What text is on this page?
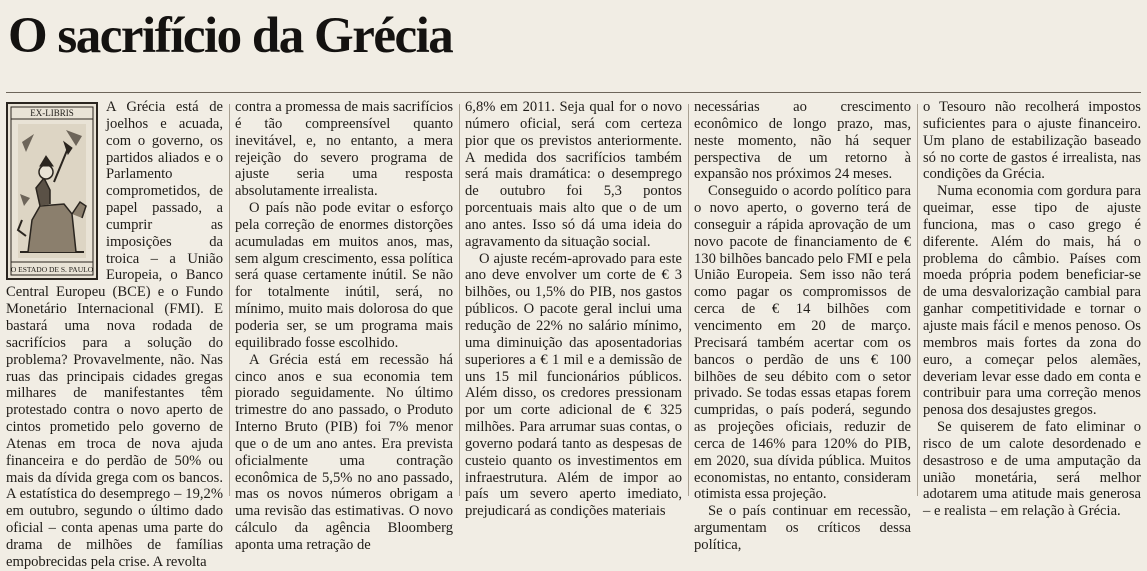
O sacrifício da Grécia
EX-LIBRIS
O ESTADO DE S. PAULO

A Grécia está de joelhos e acuada, com o governo, os partidos aliados e o Parlamento comprometidos, de papel passado, a cumprir as imposições da troica – a União Europeia, o Banco Central Europeu (BCE) e o Fundo Monetário Internacional (FMI). E bastará uma nova rodada de sacrifícios para a solução do problema? Provavelmente, não. Nas ruas das principais cidades gregas milhares de manifestantes têm protestado contra o novo aperto de cintos prometido pelo governo de Atenas em troca de nova ajuda financeira e do perdão de 50% ou mais da dívida grega com os bancos. A estatística do desemprego – 19,2% em outubro, segundo o último dado oficial – conta apenas uma parte do drama de milhões de famílias empobrecidas pela crise. A revolta

contra a promessa de mais sacrifícios é tão compreensível quanto inevitável, e, no entanto, a mera rejeição do severo programa de ajuste seria uma resposta absolutamente irrealista.

O país não pode evitar o esforço pela correção de enormes distorções acumuladas em muitos anos, mas, sem algum crescimento, essa política será quase certamente inútil. Se não for totalmente inútil, será, no mínimo, muito mais dolorosa do que poderia ser, se um programa mais equilibrado fosse escolhido.

A Grécia está em recessão há cinco anos e sua economia tem piorado seguidamente. No último trimestre do ano passado, o Produto Interno Bruto (PIB) foi 7% menor que o de um ano antes. Era prevista oficialmente uma contração econômica de 5,5% no ano passado, mas os novos números obrigam a uma revisão das estimativas. O novo cálculo da agência Bloomberg aponta uma retração de

6,8% em 2011. Seja qual for o novo número oficial, será com certeza pior que os previstos anteriormente. A medida dos sacrifícios também será mais dramática: o desemprego de outubro foi 5,3 pontos porcentuais mais alto que o de um ano antes. Isso só dá uma ideia do agravamento da situação social.

O ajuste recém-aprovado para este ano deve envolver um corte de € 3 bilhões, ou 1,5% do PIB, nos gastos públicos. O pacote geral inclui uma redução de 22% no salário mínimo, uma diminuição das aposentadorias superiores a € 1 mil e a demissão de uns 15 mil funcionários públicos. Além disso, os credores pressionam por um corte adicional de € 325 milhões. Para arrumar suas contas, o governo podará tanto as despesas de custeio quanto os investimentos em infraestrutura. Além de impor ao país um severo aperto imediato, prejudicará as condições materiais

necessárias ao crescimento econômico de longo prazo, mas, neste momento, não há sequer perspectiva de um retorno à expansão nos próximos 24 meses.

Conseguido o acordo político para o novo aperto, o governo terá de conseguir a rápida aprovação de um novo pacote de financiamento de € 130 bilhões bancado pelo FMI e pela União Europeia. Sem isso não terá como pagar os compromissos de cerca de € 14 bilhões com vencimento em 20 de março. Precisará também acertar com os bancos o perdão de uns € 100 bilhões de seu débito com o setor privado. Se todas essas etapas forem cumpridas, o país poderá, segundo as projeções oficiais, reduzir de cerca de 146% para 120% do PIB, em 2020, sua dívida pública. Muitos economistas, no entanto, consideram otimista essa projeção.

Se o país continuar em recessão, argumentam os críticos dessa política,

o Tesouro não recolherá impostos suficientes para o ajuste financeiro. Um plano de estabilização baseado só no corte de gastos é irrealista, nas condições da Grécia.

Numa economia com gordura para queimar, esse tipo de ajuste funciona, mas o caso grego é diferente. Além do mais, há o problema do câmbio. Países com moeda própria podem beneficiar-se de uma desvalorização cambial para ganhar competitividade e tornar o ajuste mais fácil e menos penoso. Os membros mais fortes da zona do euro, a começar pelos alemães, deveriam levar esse dado em conta e contribuir para uma correção menos penosa dos desajustes gregos.

Se quiserem de fato eliminar o risco de um calote desordenado e desastroso e de uma amputação da união monetária, será melhor adotarem uma atitude mais generosa – e realista – em relação à Grécia.
